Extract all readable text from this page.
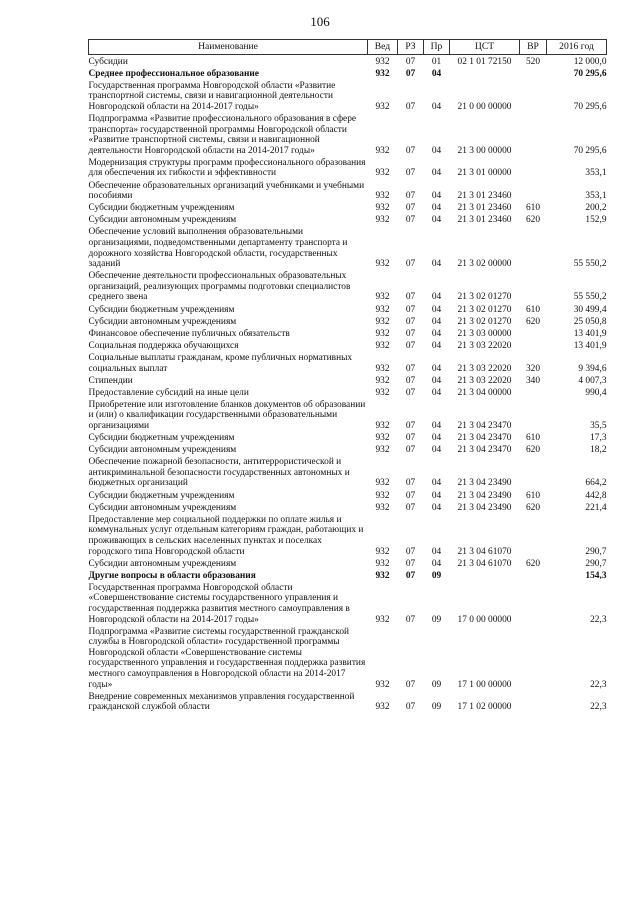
106
Наименование	Вед	РЗ	Пр	ЦСТ	ВР	2016 год
Субсидии	932	07	01	02 1 01 72150	520	12 000,0
Среднее профессиональное образование	932	07	04			70 295,6
Государственная программа Новгородской области «Развитие транспортной системы, связи и навигационной деятельности Новгородской области на 2014-2017 годы»	932	07	04	21 0 00 00000		70 295,6
Подпрограмма «Развитие профессионального образования в сфере транспорта» государственной программы Новгородской области «Развитие транспортной системы, связи и навигационной деятельности Новгородской области на 2014-2017 годы»	932	07	04	21 3 00 00000		70 295,6
Модернизация структуры программ профессионального образования для обеспечения их гибкости и эффективности	932	07	04	21 3 01 00000		353,1
Обеспечение образовательных организаций учебниками и учебными пособиями	932	07	04	21 3 01 23460		353,1
Субсидии бюджетным учреждениям	932	07	04	21 3 01 23460	610	200,2
Субсидии автономным учреждениям	932	07	04	21 3 01 23460	620	152,9
Обеспечение условий выполнения образовательными организациями, подведомственными департаменту транспорта и дорожного хозяйства Новгородской области, государственных заданий	932	07	04	21 3 02 00000		55 550,2
Обеспечение деятельности профессиональных образовательных организаций, реализующих программы подготовки специалистов среднего звена	932	07	04	21 3 02 01270		55 550,2
Субсидии бюджетным учреждениям	932	07	04	21 3 02 01270	610	30 499,4
Субсидии автономным учреждениям	932	07	04	21 3 02 01270	620	25 050,8
Финансовое обеспечение публичных обязательств	932	07	04	21 3 03 00000		13 401,9
Социальная поддержка обучающихся	932	07	04	21 3 03 22020		13 401,9
Социальные выплаты гражданам, кроме публичных нормативных социальных выплат	932	07	04	21 3 03 22020	320	9 394,6
Стипендии	932	07	04	21 3 03 22020	340	4 007,3
Предоставление субсидий на иные цели	932	07	04	21 3 04 00000		990,4
Приобретение или изготовление бланков документов об образовании и (или) о квалификации государственными образовательными организациями	932	07	04	21 3 04 23470		35,5
Субсидии бюджетным учреждениям	932	07	04	21 3 04 23470	610	17,3
Субсидии автономным учреждениям	932	07	04	21 3 04 23470	620	18,2
Обеспечение пожарной безопасности, антитеррористической и антикриминальной безопасности государственных автономных и бюджетных организаций	932	07	04	21 3 04 23490		664,2
Субсидии бюджетным учреждениям	932	07	04	21 3 04 23490	610	442,8
Субсидии автономным учреждениям	932	07	04	21 3 04 23490	620	221,4
Предоставление мер социальной поддержки по оплате жилья и коммунальных услуг отдельным категориям граждан, работающих и проживающих в сельских населенных пунктах и поселках городского типа Новгородской области	932	07	04	21 3 04 61070		290,7
Субсидии автономным учреждениям	932	07	04	21 3 04 61070	620	290,7
Другие вопросы в области образования	932	07	09			154,3
Государственная программа Новгородской области «Совершенствование системы государственного управления и государственная поддержка развития местного самоуправления в Новгородской области на 2014-2017 годы»	932	07	09	17 0 00 00000		22,3
Подпрограмма «Развитие системы государственной гражданской службы в Новгородской области» государственной программы Новгородской области «Совершенствование системы государственного управления и государственная поддержка развития местного самоуправления в Новгородской области на 2014-2017 годы»	932	07	09	17 1 00 00000		22,3
Внедрение современных механизмов управления государственной гражданской службой области	932	07	09	17 1 02 00000		22,3
